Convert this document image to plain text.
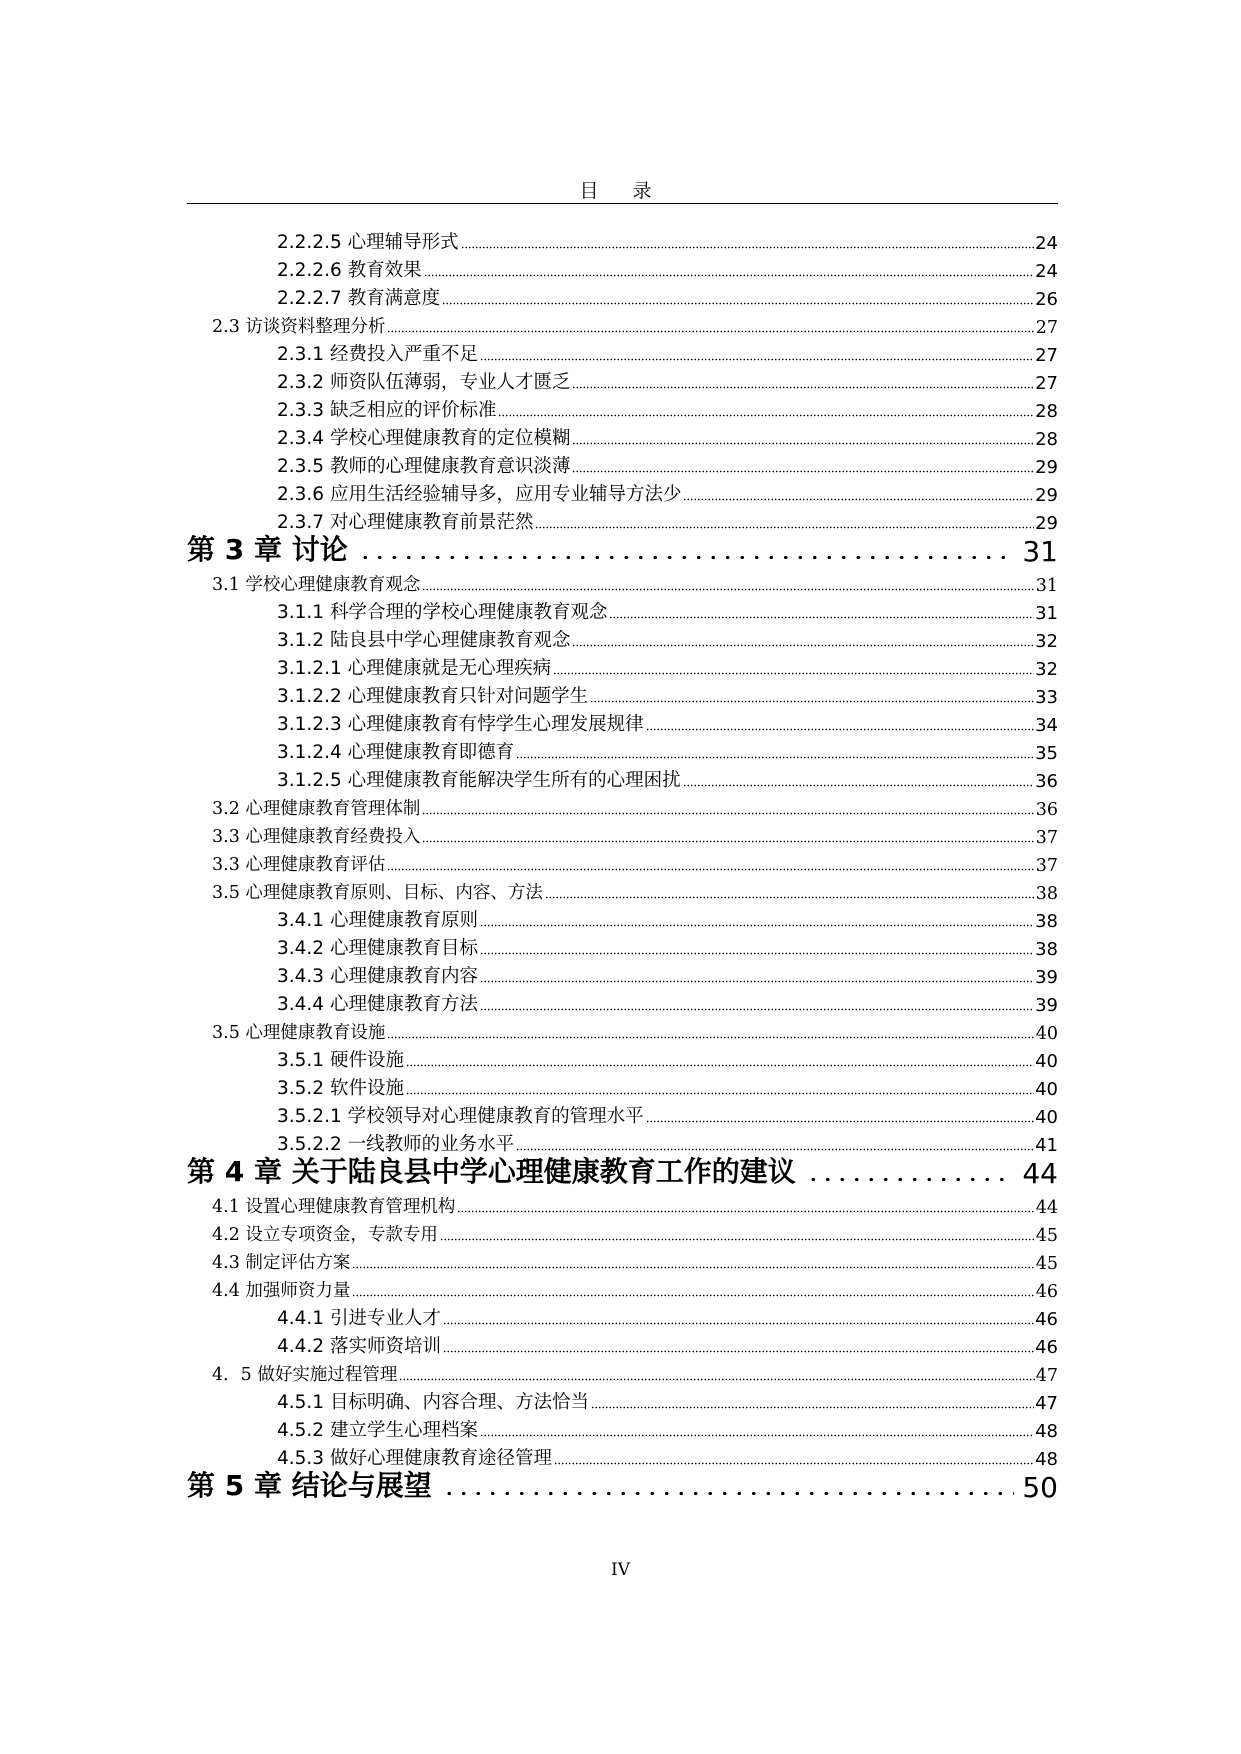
目 录
2.2.2.5 心理辅导形式	24
2.2.2.6 教育效果	24
2.2.2.7 教育满意度	26
2.3 访谈资料整理分析	27
2.3.1 经费投入严重不足	27
2.3.2 师资队伍薄弱，专业人才匮乏	27
2.3.3 缺乏相应的评价标准	28
2.3.4 学校心理健康教育的定位模糊	28
2.3.5 教师的心理健康教育意识淡薄	29
2.3.6 应用生活经验辅导多，应用专业辅导方法少	29
2.3.7 对心理健康教育前景茫然	29
第 3 章 讨论	31
3.1 学校心理健康教育观念	31
3.1.1 科学合理的学校心理健康教育观念	31
3.1.2 陆良县中学心理健康教育观念	32
3.1.2.1 心理健康就是无心理疾病	32
3.1.2.2 心理健康教育只针对问题学生	33
3.1.2.3 心理健康教育有悖学生心理发展规律	34
3.1.2.4 心理健康教育即德育	35
3.1.2.5 心理健康教育能解决学生所有的心理困扰	36
3.2 心理健康教育管理体制	36
3.3 心理健康教育经费投入	37
3.3 心理健康教育评估	37
3.5 心理健康教育原则、目标、内容、方法	38
3.4.1 心理健康教育原则	38
3.4.2 心理健康教育目标	38
3.4.3 心理健康教育内容	39
3.4.4 心理健康教育方法	39
3.5 心理健康教育设施	40
3.5.1 硬件设施	40
3.5.2 软件设施	40
3.5.2.1 学校领导对心理健康教育的管理水平	40
3.5.2.2 一线教师的业务水平	41
第 4 章 关于陆良县中学心理健康教育工作的建议	44
4.1 设置心理健康教育管理机构	44
4.2 设立专项资金，专款专用	45
4.3 制定评估方案	45
4.4 加强师资力量	46
4.4.1 引进专业人才	46
4.4.2 落实师资培训	46
4．5 做好实施过程管理	47
4.5.1 目标明确、内容合理、方法恰当	47
4.5.2 建立学生心理档案	48
4.5.3 做好心理健康教育途径管理	48
第 5 章 结论与展望	50
IV
